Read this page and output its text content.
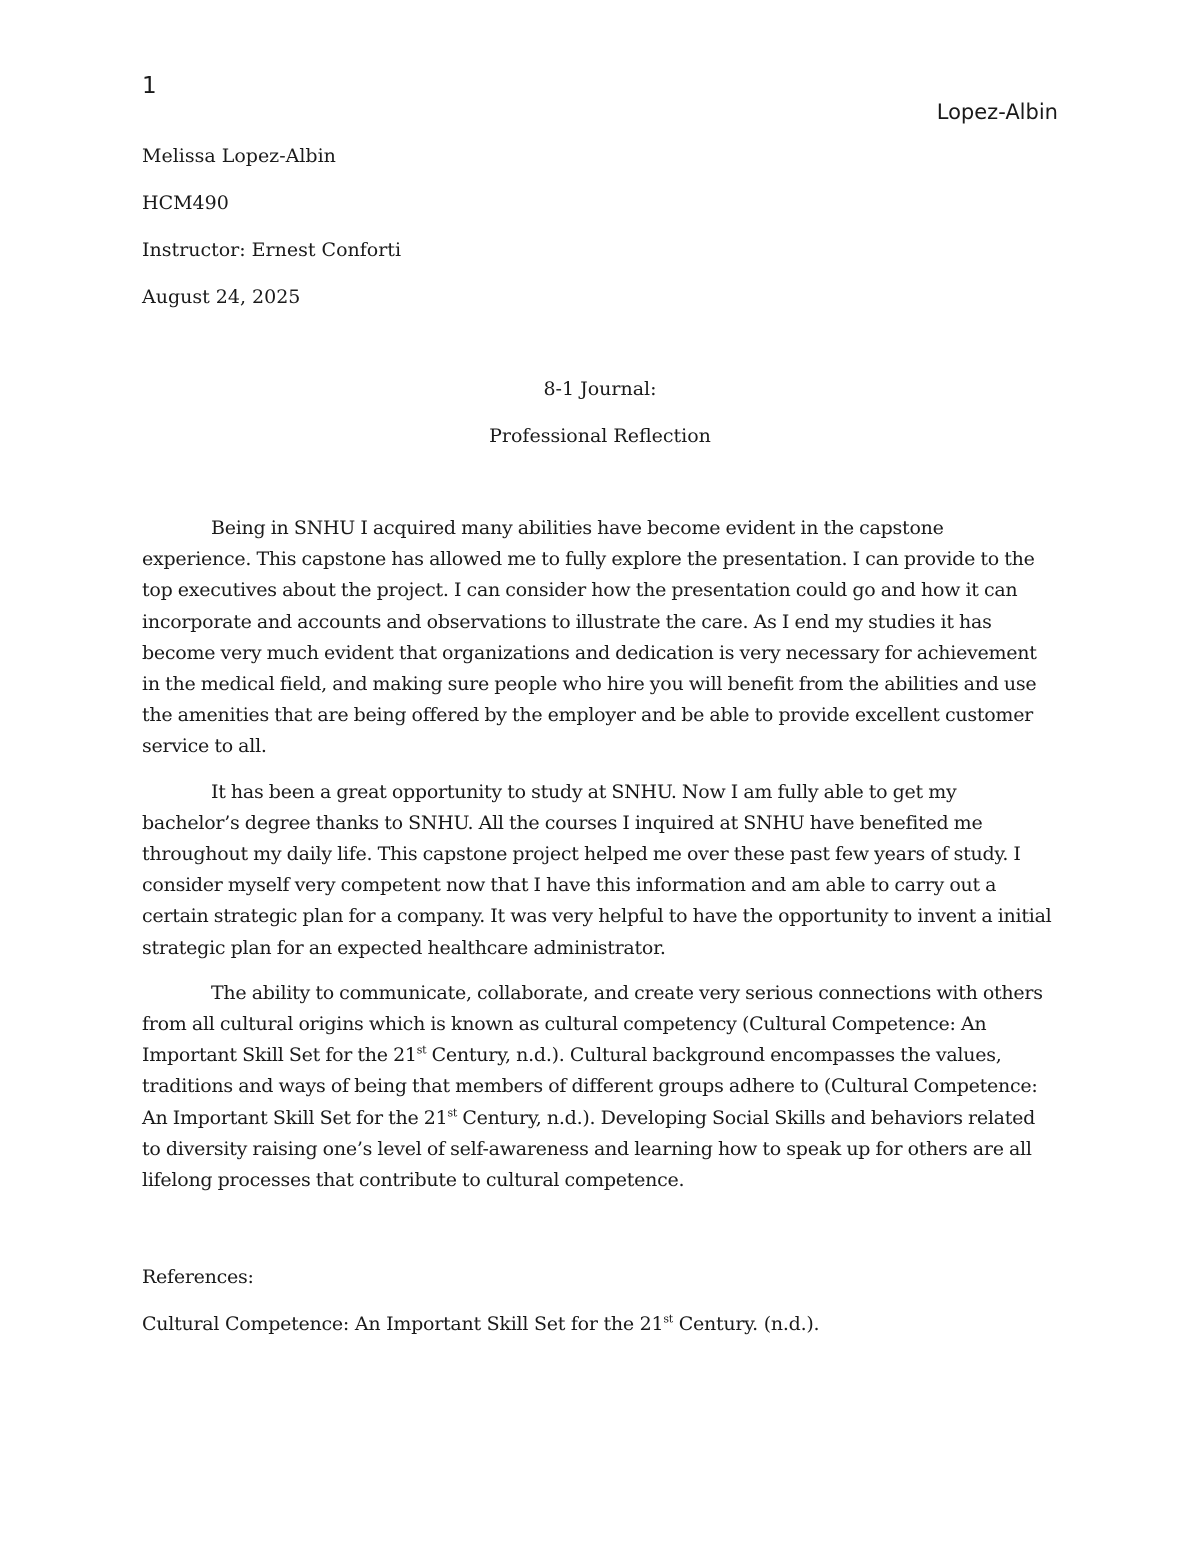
1
Lopez-Albin
Melissa Lopez-Albin
HCM490
Instructor: Ernest Conforti
August 24, 2025
8-1 Journal:
Professional Reflection

Being in SNHU I acquired many abilities have become evident in the capstone experience. This capstone has allowed me to fully explore the presentation. I can provide to the top executives about the project. I can consider how the presentation could go and how it can incorporate and accounts and observations to illustrate the care. As I end my studies it has become very much evident that organizations and dedication is very necessary for achievement in the medical field, and making sure people who hire you will benefit from the abilities and use the amenities that are being offered by the employer and be able to provide excellent customer service to all.

It has been a great opportunity to study at SNHU. Now I am fully able to get my bachelor’s degree thanks to SNHU. All the courses I inquired at SNHU have benefited me throughout my daily life. This capstone project helped me over these past few years of study. I consider myself very competent now that I have this information and am able to carry out a certain strategic plan for a company. It was very helpful to have the opportunity to invent a initial strategic plan for an expected healthcare administrator.

The ability to communicate, collaborate, and create very serious connections with others from all cultural origins which is known as cultural competency (Cultural Competence: An Important Skill Set for the 21st Century, n.d.). Cultural background encompasses the values, traditions and ways of being that members of different groups adhere to (Cultural Competence: An Important Skill Set for the 21st Century, n.d.). Developing Social Skills and behaviors related to diversity raising one’s level of self-awareness and learning how to speak up for others are all lifelong processes that contribute to cultural competence.

References:
Cultural Competence: An Important Skill Set for the 21st Century. (n.d.).
